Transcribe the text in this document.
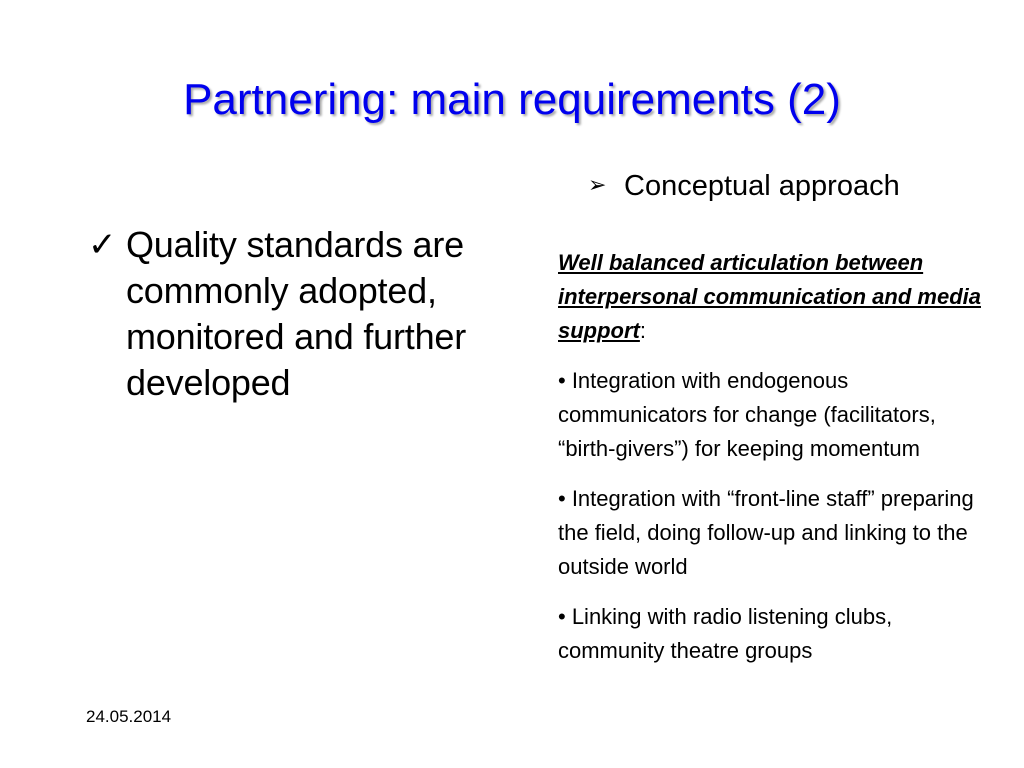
Partnering: main requirements (2)
✓ Quality standards are commonly adopted, monitored and further developed
➢ Conceptual approach
Well balanced articulation between interpersonal communication and media support:
• Integration with endogenous communicators for change (facilitators, “birth-givers”) for keeping momentum
• Integration with “front-line staff” preparing the field, doing follow-up and linking to the outside world
• Linking with radio listening clubs, community theatre groups
24.05.2014
